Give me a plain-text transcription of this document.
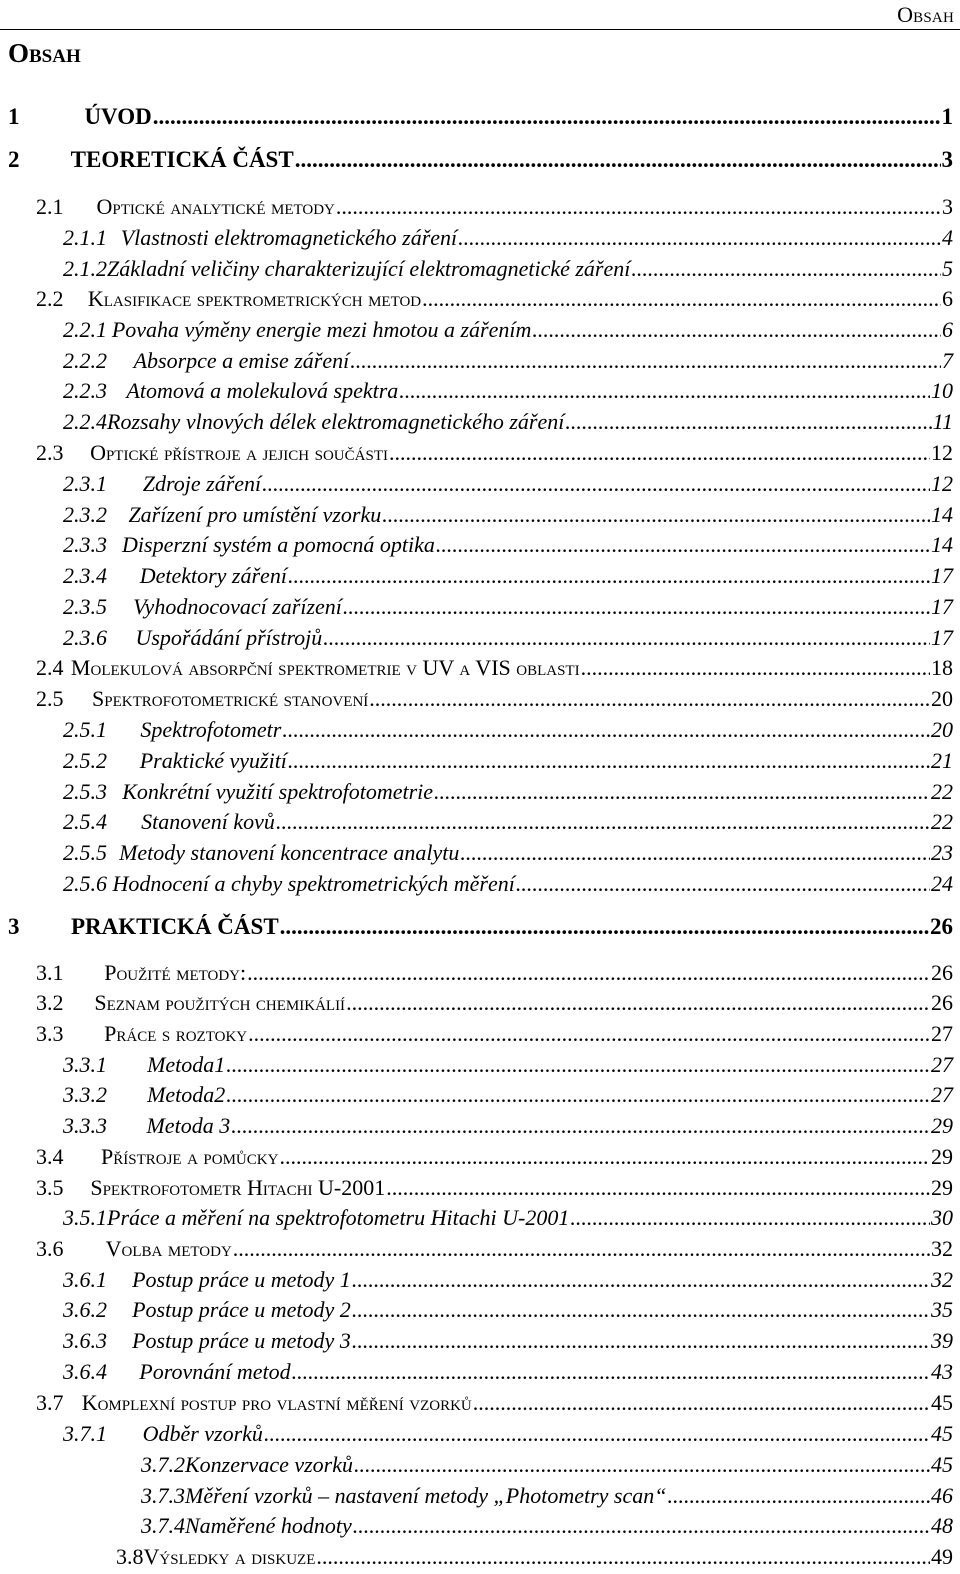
Obsah
Obsah
1	ÚVOD .....	1
2	TEORETICKÁ ČÁST .....	3
2.1	Optické analytické metody .....	3
2.1.1 Vlastnosti elektromagnetického záření .....	4
2.1.2 Základní veličiny charakterizující elektromagnetické záření .....	5
2.2	Klasifikace spektrometrických metod .....	6
2.2.1 Povaha výměny energie mezi hmotou a zářením .....	6
2.2.2	Absorpce a emise záření .....	7
2.2.3 Atomová a molekulová spektra .....	10
2.2.4 Rozsahy vlnových délek elektromagnetického záření .....	11
2.3	Optické přístroje a jejich součásti .....	12
2.3.1	Zdroje záření .....	12
2.3.2 Zařízení pro umístění vzorku .....	14
2.3.3 Disperzní systém a pomocná optika .....	14
2.3.4	Detektory záření .....	17
2.3.5	Vyhodnocovací zařízení .....	17
2.3.6	Uspořádání přístrojů .....	17
2.4 Molekulová absorpční spektrometrie v UV a VIS oblasti .....	18
2.5	Spektrofotometrické stanovení .....	20
2.5.1	Spektrofotometr .....	20
2.5.2	Praktické využití .....	21
2.5.3 Konkrétní využití spektrofotometrie .....	22
2.5.4	Stanovení kovů .....	22
2.5.5 Metody stanovení koncentrace analytu .....	23
2.5.6 Hodnocení a chyby spektrometrických měření .....	24
3	PRAKTICKÁ ČÁST .....	26
3.1	Použité metody: .....	26
3.2	Seznam použitých chemikálií .....	26
3.3	Práce s roztoky .....	27
3.3.1	Metoda1 .....	27
3.3.2	Metoda2 .....	27
3.3.3	Metoda 3 .....	29
3.4	Přístroje a pomůcky .....	29
3.5	Spektrofotometr Hitachi U-2001 .....	29
3.5.1 Práce a měření na spektrofotometru Hitachi U-2001 .....	30
3.6	Volba metody .....	32
3.6.1	Postup práce u metody 1 .....	32
3.6.2	Postup práce u metody 2 .....	35
3.6.3	Postup práce u metody 3 .....	39
3.6.4	Porovnání metod .....	43
3.7 Komplexní postup pro vlastní měření vzorků .....	45
3.7.1	Odběr vzorků .....	45
3.7.2 Konzervace vzorků .....	45
3.7.3 Měření vzorků – nastavení metody „Photometry scan“ .....	46
3.7.4 Naměřené hodnoty .....	48
3.8 Výsledky a diskuze .....	49
